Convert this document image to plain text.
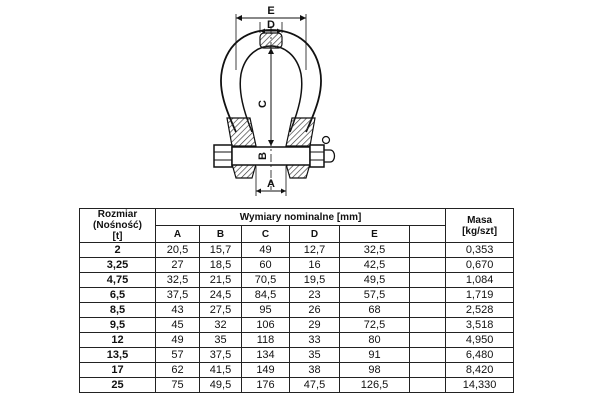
E
D
C
B
A
Rozmiar
(Nośność)
[t]	Wymiary nominalne [mm]						Masa
[kg/szt]
	A	B	C	D	E		
2	20,5	15,7	49	12,7	32,5		0,353
3,25	27	18,5	60	16	42,5		0,670
4,75	32,5	21,5	70,5	19,5	49,5		1,084
6,5	37,5	24,5	84,5	23	57,5		1,719
8,5	43	27,5	95	26	68		2,528
9,5	45	32	106	29	72,5		3,518
12	49	35	118	33	80		4,950
13,5	57	37,5	134	35	91		6,480
17	62	41,5	149	38	98		8,420
25	75	49,5	176	47,5	126,5		14,330
